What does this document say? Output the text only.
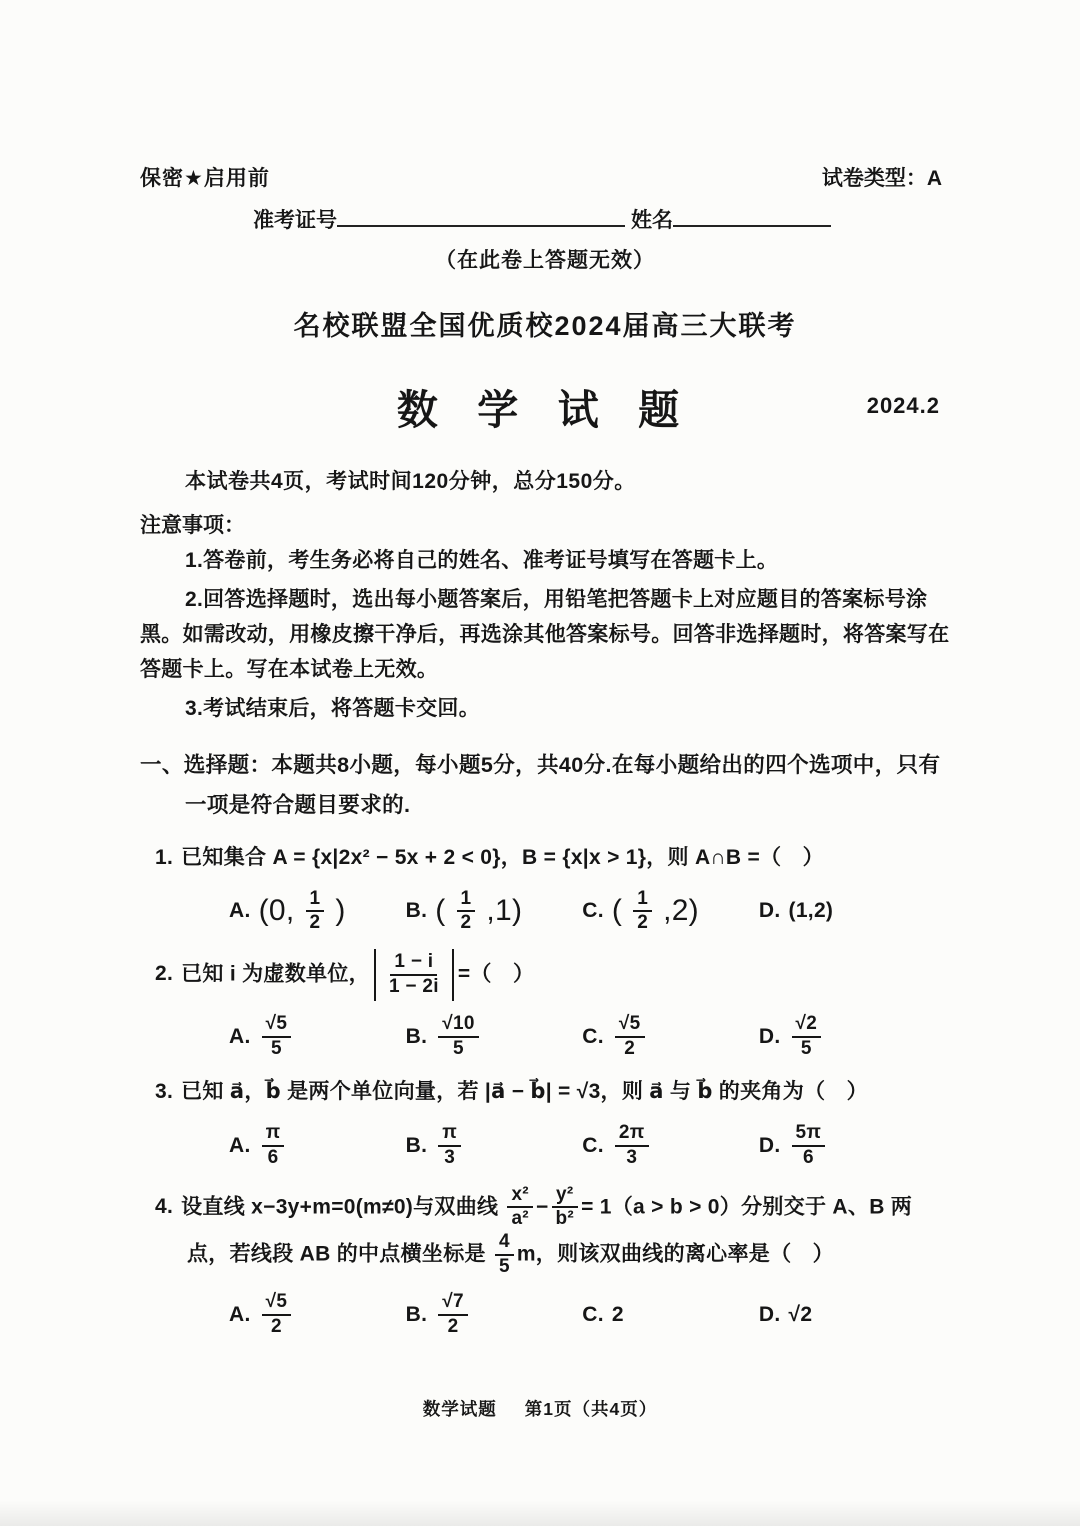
保密★启用前	试卷类型：A
准考证号	姓名
（在此卷上答题无效）
名校联盟全国优质校2024届高三大联考
数 学 试 题	2024.2
本试卷共4页，考试时间120分钟，总分150分。
注意事项：
1.答卷前，考生务必将自己的姓名、准考证号填写在答题卡上。
2.回答选择题时，选出每小题答案后，用铅笔把答题卡上对应题目的答案标号涂黑。如需改动，用橡皮擦干净后，再选涂其他答案标号。回答非选择题时，将答案写在答题卡上。写在本试卷上无效。
3.考试结束后，将答题卡交回。
一、选择题：本题共8小题，每小题5分，共40分.在每小题给出的四个选项中，只有一项是符合题目要求的.
1. 已知集合 A = {x|2x² − 5x + 2 < 0}，B = {x|x > 1}，则 A∩B =（　）
A. (0, $\frac{1}{2}$ )	B. ( $\frac{1}{2} ,1$)	C. ( $\frac{1}{2} ,2$)	D. (1,2)
2. 已知 i 为虚数单位， $\frac{1 - i}{1 - 2i}$ =（　）
A. $\frac{√5}{5}$	B. $\frac{√10}{5}$	C. $\frac{√5}{2}$	D. $\frac{√2}{5}$
3. 已知 a⃗，b⃗ 是两个单位向量，若 |a⃗ − b⃗| = √3，则 a⃗ 与 b⃗ 的夹角为（　）
A. $\frac{\pi}{6}$	B. $\frac{\pi}{3}$	C. $\frac{2\pi}{3}$	D. $\frac{5\pi}{6}$
4. 设直线 x−3y+m=0(m≠0)与双曲线 $\frac{\text{x²}}{\text{a²}} - \frac{\text{y²}}{\text{b²}} = 1(a > b > 0)$分别交于 A、B 两点，若线段 AB 的中点横坐标是 $\frac{4}{5}$ m，则该双曲线的离心率是（　）
A. $\frac{√5}{2}$	B. $\frac{√7}{2}$	C. 2	D. √2
数学试题 第1页（共4页）
